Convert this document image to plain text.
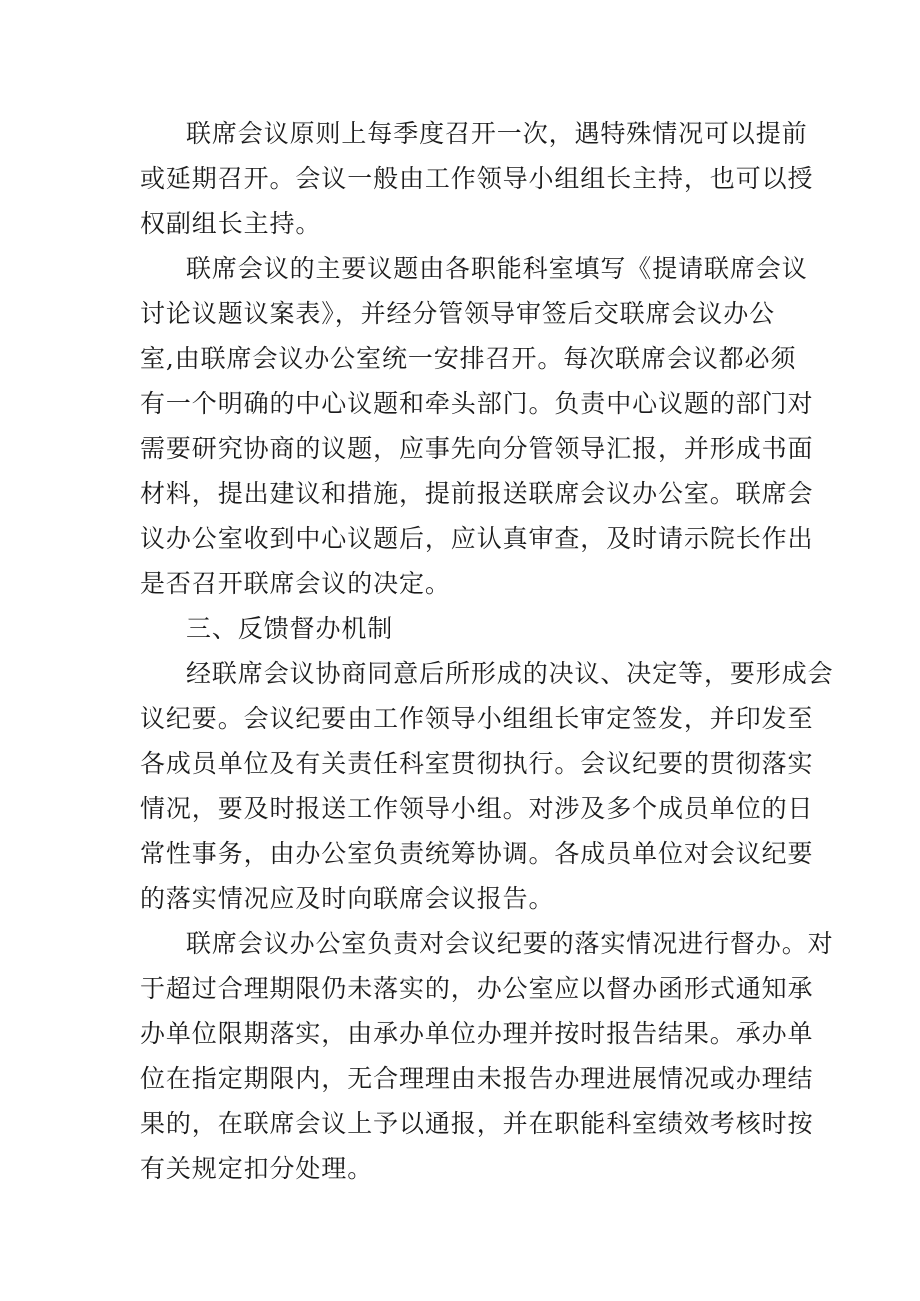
联席会议原则上每季度召开一次，遇特殊情况可以提前
或延期召开。会议一般由工作领导小组组长主持，也可以授
权副组长主持。
联席会议的主要议题由各职能科室填写《提请联席会议
讨论议题议案表》，并经分管领导审签后交联席会议办公
室,由联席会议办公室统一安排召开。每次联席会议都必须
有一个明确的中心议题和牵头部门。负责中心议题的部门对
需要研究协商的议题，应事先向分管领导汇报，并形成书面
材料，提出建议和措施，提前报送联席会议办公室。联席会
议办公室收到中心议题后，应认真审查，及时请示院长作出
是否召开联席会议的决定。
三、反馈督办机制
经联席会议协商同意后所形成的决议、决定等，要形成会
议纪要。会议纪要由工作领导小组组长审定签发，并印发至
各成员单位及有关责任科室贯彻执行。会议纪要的贯彻落实
情况，要及时报送工作领导小组。对涉及多个成员单位的日
常性事务，由办公室负责统筹协调。各成员单位对会议纪要
的落实情况应及时向联席会议报告。
联席会议办公室负责对会议纪要的落实情况进行督办。对
于超过合理期限仍未落实的，办公室应以督办函形式通知承
办单位限期落实，由承办单位办理并按时报告结果。承办单
位在指定期限内，无合理理由未报告办理进展情况或办理结
果的，在联席会议上予以通报，并在职能科室绩效考核时按
有关规定扣分处理。
